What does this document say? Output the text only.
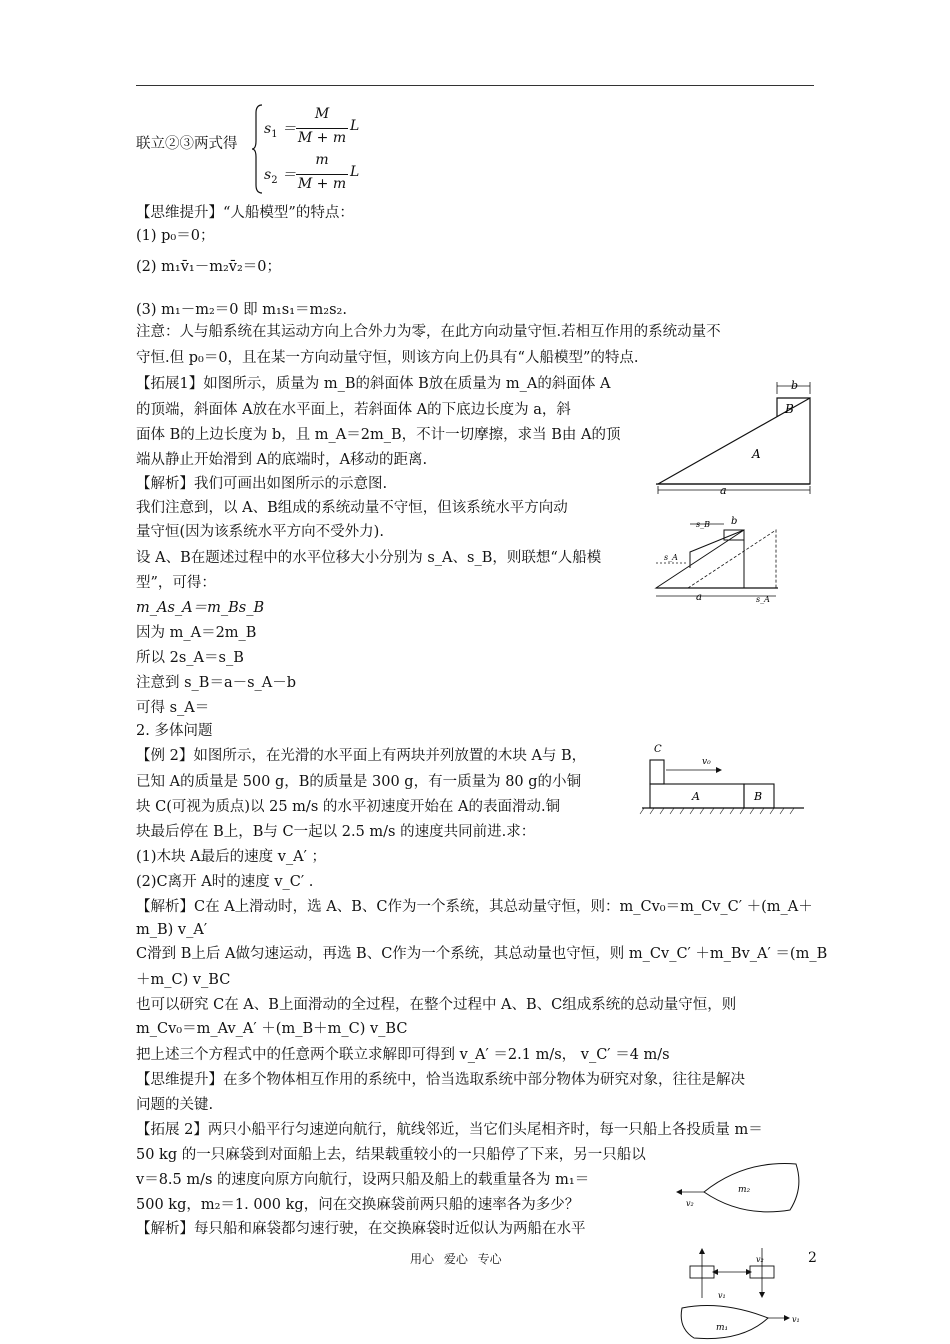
联立②③两式得
$s_1$ ＝
M
M + m
L
$s_2$ ＝
m
M + m
L
【思维提升】“人船模型”的特点：
(1) p₀＝0；
(2) m₁v̄₁－m₂v̄₂＝0；
(3) m₁－m₂＝0 即 m₁s₁＝m₂s₂.
注意：人与船系统在其运动方向上合外力为零，在此方向动量守恒.若相互作用的系统动量不
守恒.但 p₀＝0，且在某一方向动量守恒，则该方向上仍具有“人船模型”的特点.
【拓展1】如图所示，质量为 m_B的斜面体 B放在质量为 m_A的斜面体 A
的顶端，斜面体 A放在水平面上，若斜面体 A的下底边长度为 a，斜
面体 B的上边长度为 b，且 m_A＝2m_B，不计一切摩擦，求当 B由 A的顶
端从静止开始滑到 A的底端时，A移动的距离.
【解析】我们可画出如图所示的示意图.
我们注意到，以 A、B组成的系统动量不守恒，但该系统水平方向动
量守恒(因为该系统水平方向不受外力).
设 A、B在题述过程中的水平位移大小分别为 s_A、s_B，则联想“人船模
型”，可得：
m_As_A＝m_Bs_B
因为 m_A＝2m_B
所以 2s_A＝s_B
注意到 s_B＝a－s_A－b
可得 s_A＝
2. 多体问题
【例 2】如图所示，在光滑的水平面上有两块并列放置的木块 A与 B，
已知 A的质量是 500 g，B的质量是 300 g，有一质量为 80 g的小铜
块 C(可视为质点)以 25 m/s 的水平初速度开始在 A的表面滑动.铜
块最后停在 B上，B与 C一起以 2.5 m/s 的速度共同前进.求：
(1)木块 A最后的速度 v_A′ ；
(2)C离开 A时的速度 v_C′ .
【解析】C在 A上滑动时，选 A、B、C作为一个系统，其总动量守恒，则：m_Cv₀＝m_Cv_C′ ＋(m_A＋
m_B) v_A′
C滑到 B上后 A做匀速运动，再选 B、C作为一个系统，其总动量也守恒，则 m_Cv_C′ ＋m_Bv_A′ ＝(m_B
＋m_C) v_BC
也可以研究 C在 A、B上面滑动的全过程，在整个过程中 A、B、C组成系统的总动量守恒，则
m_Cv₀＝m_Av_A′ ＋(m_B＋m_C) v_BC
把上述三个方程式中的任意两个联立求解即可得到 v_A′ ＝2.1 m/s， v_C′ ＝4 m/s
【思维提升】在多个物体相互作用的系统中，恰当选取系统中部分物体为研究对象，往往是解决
问题的关键.
【拓展 2】两只小船平行匀速逆向航行，航线邻近，当它们头尾相齐时，每一只船上各投质量 m＝
50 kg 的一只麻袋到对面船上去，结果载重较小的一只船停了下来，另一只船以
v＝8.5 m/s 的速度向原方向航行，设两只船及船上的载重量各为 m₁＝
500 kg，m₂＝1. 000 kg，问在交换麻袋前两只船的速率各为多少？
【解析】每只船和麻袋都匀速行驶，在交换麻袋时近似认为两船在水平
b
B
A
a
s_B b
s_A
a	s_A
C
v₀
A	B
v₂
m₂
v₂
v₁
v₁
m₁
用心 爱心 专心	2
